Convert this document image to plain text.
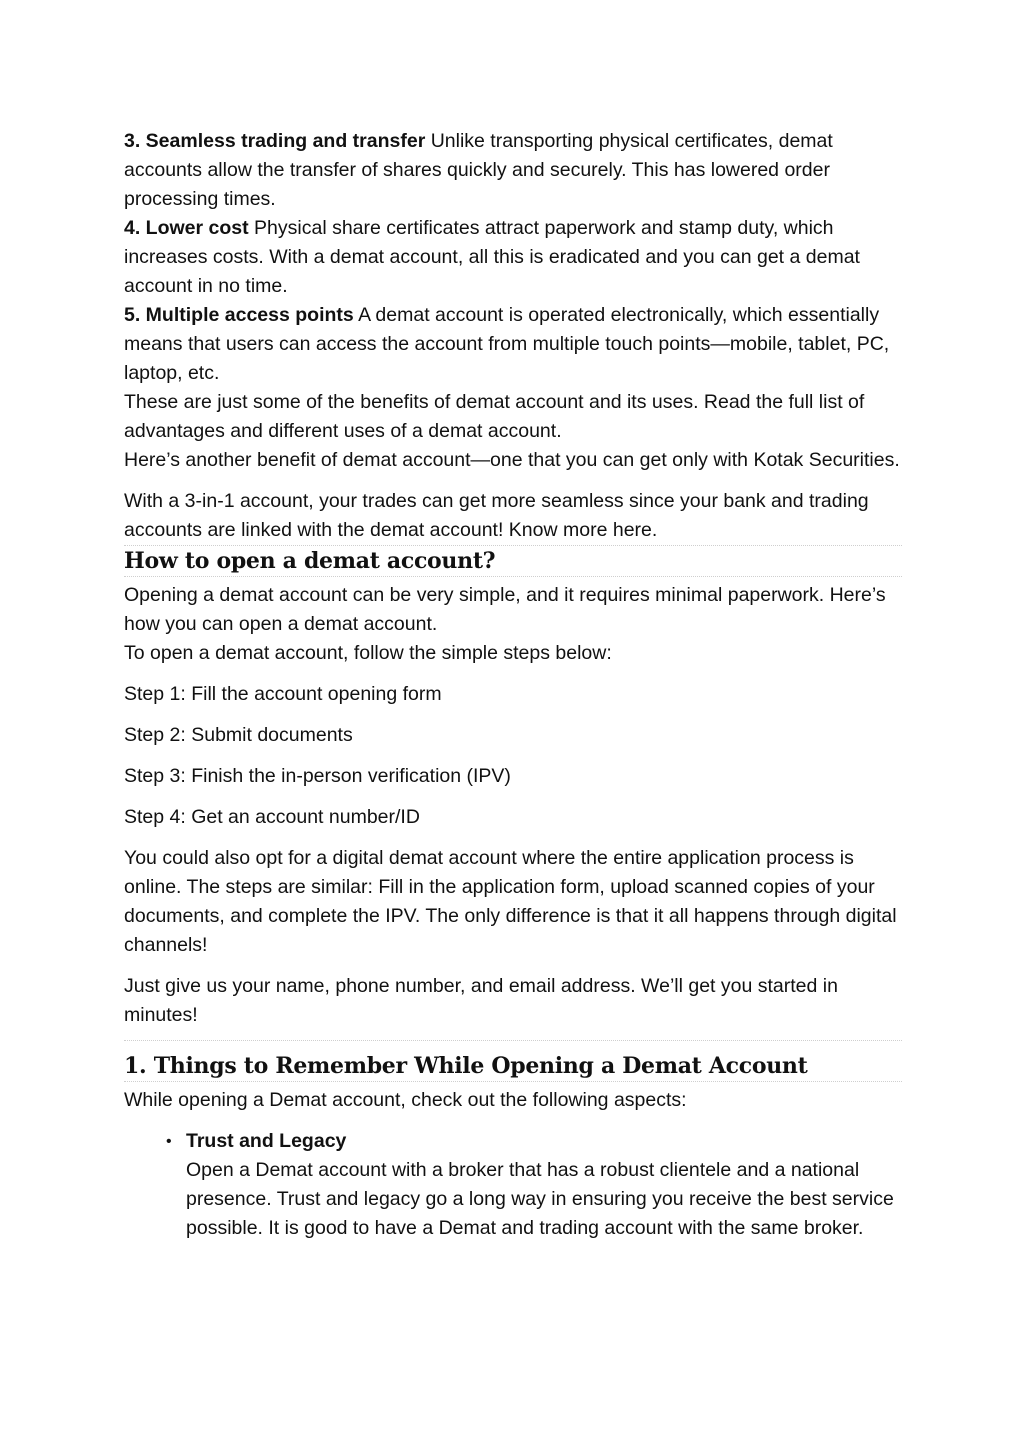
3. Seamless trading and transfer Unlike transporting physical certificates, demat accounts allow the transfer of shares quickly and securely. This has lowered order processing times.

4. Lower cost Physical share certificates attract paperwork and stamp duty, which increases costs. With a demat account, all this is eradicated and you can get a demat account in no time.

5. Multiple access points A demat account is operated electronically, which essentially means that users can access the account from multiple touch points—mobile, tablet, PC, laptop, etc.

These are just some of the benefits of demat account and its uses. Read the full list of advantages and different uses of a demat account.

Here’s another benefit of demat account—one that you can get only with Kotak Securities.

With a 3-in-1 account, your trades can get more seamless since your bank and trading accounts are linked with the demat account! Know more here.

How to open a demat account?

Opening a demat account can be very simple, and it requires minimal paperwork. Here’s how you can open a demat account.

To open a demat account, follow the simple steps below:

Step 1: Fill the account opening form

Step 2: Submit documents

Step 3: Finish the in-person verification (IPV)

Step 4: Get an account number/ID

You could also opt for a digital demat account where the entire application process is online. The steps are similar: Fill in the application form, upload scanned copies of your documents, and complete the IPV. The only difference is that it all happens through digital channels!

Just give us your name, phone number, and email address. We’ll get you started in minutes!

1. Things to Remember While Opening a Demat Account

While opening a Demat account, check out the following aspects:

• Trust and Legacy

Open a Demat account with a broker that has a robust clientele and a national presence. Trust and legacy go a long way in ensuring you receive the best service possible. It is good to have a Demat and trading account with the same broker.
